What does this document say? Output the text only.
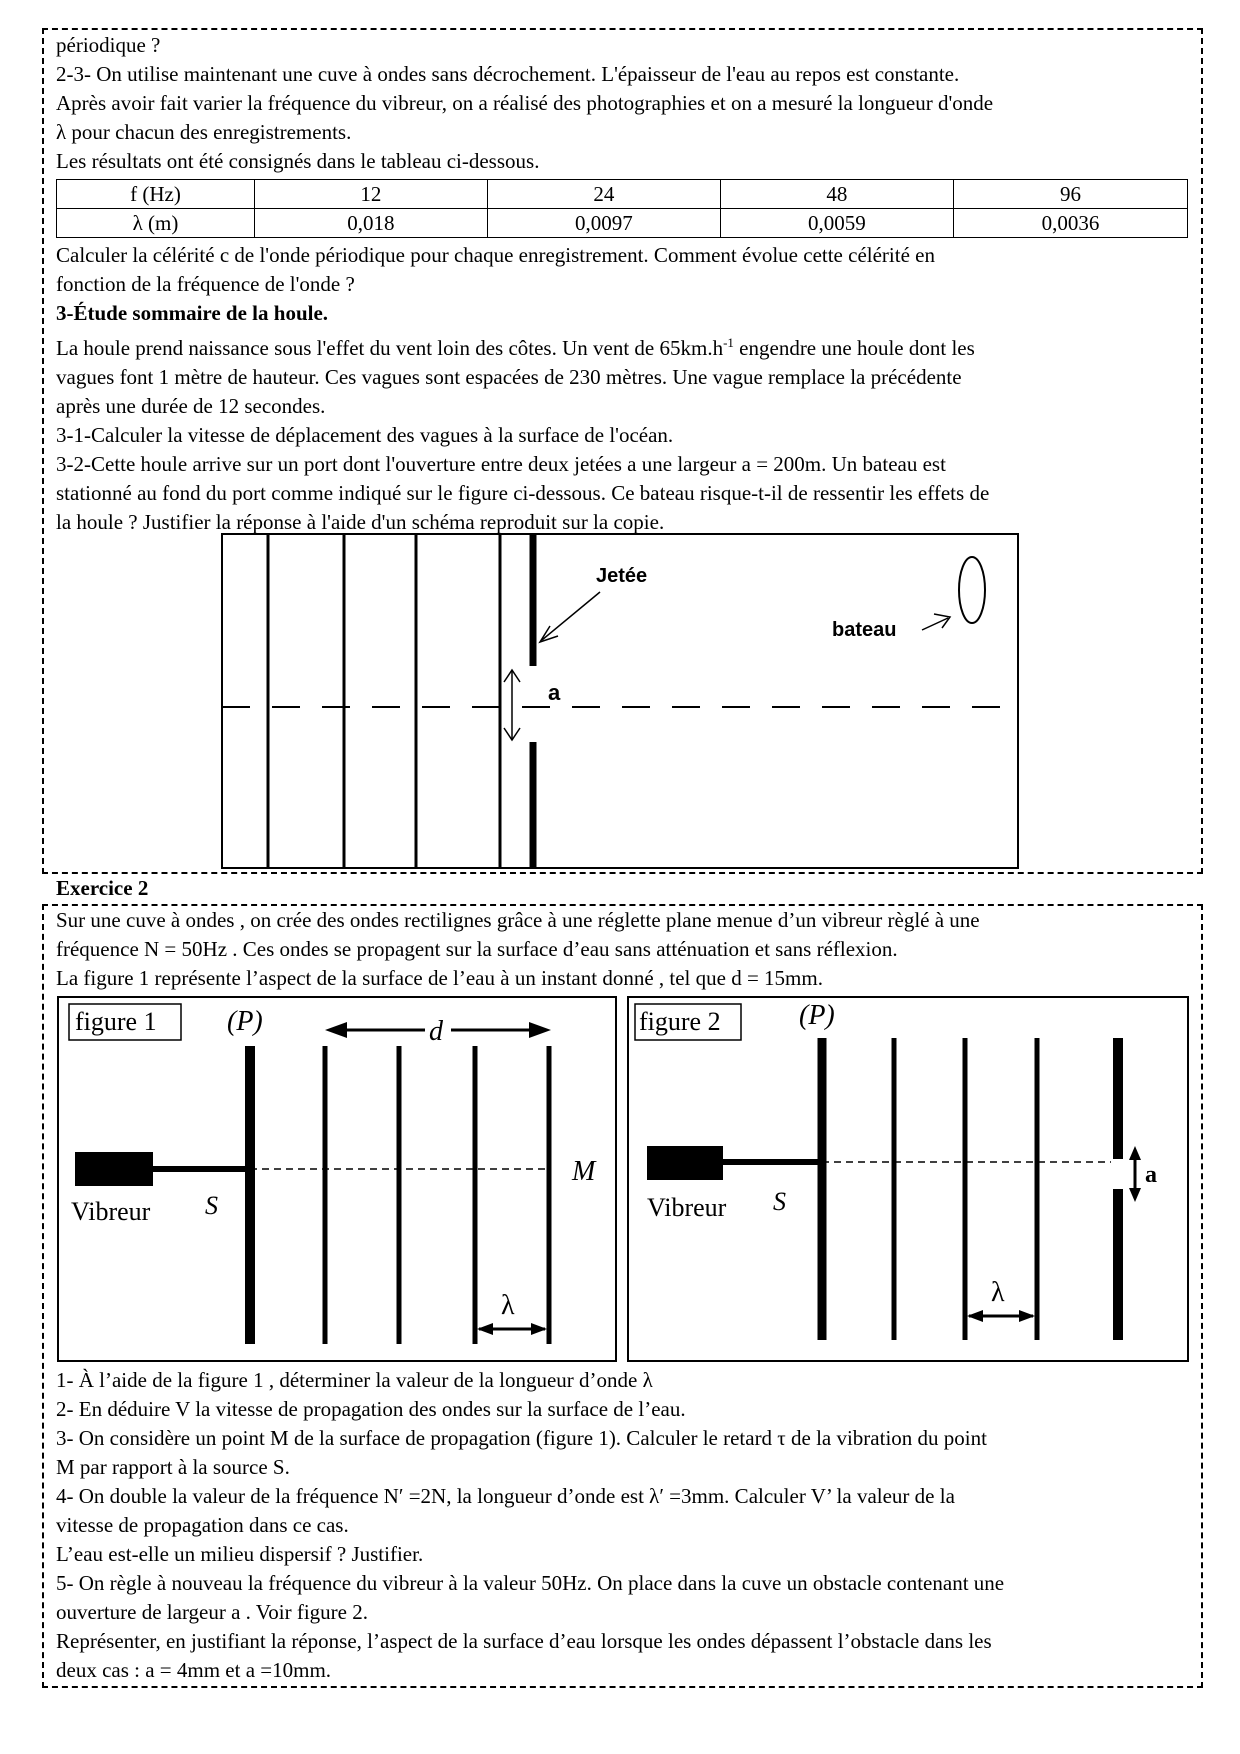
périodique ?
2-3- On utilise maintenant une cuve à ondes sans décrochement. L'épaisseur de l'eau au repos est constante.
Après avoir fait varier la fréquence du vibreur, on a réalisé des photographies et on a mesuré la longueur d'onde
λ pour chacun des enregistrements.
Les résultats ont été consignés dans le tableau ci-dessous.
f (Hz)	12	24	48	96
λ (m)	0,018	0,0097	0,0059	0,0036
Calculer la célérité c de l'onde périodique pour chaque enregistrement. Comment évolue cette célérité en
fonction de la fréquence de l'onde ?
3-Étude sommaire de la houle.
La houle prend naissance sous l'effet du vent loin des côtes. Un vent de $65km.h^{-1}$ engendre une houle dont les
vagues font 1 mètre de hauteur. Ces vagues sont espacées de 230 mètres. Une vague remplace la précédente
après une durée de 12 secondes.
3-1-Calculer la vitesse de déplacement des vagues à la surface de l'océan.
3-2-Cette houle arrive sur un port dont l'ouverture entre deux jetées a une largeur a = 200m. Un bateau est
stationné au fond du port comme indiqué sur le figure ci-dessous. Ce bateau risque-t-il de ressentir les effets de
la houle ? Justifier la réponse à l'aide d'un schéma reproduit sur la copie.
a
Jetée
bateau
Exercice 2
Sur une cuve à ondes , on crée des ondes rectilignes grâce à une réglette plane menue d’un vibreur règlé à une
fréquence N = 50Hz . Ces ondes se propagent sur la surface d’eau sans atténuation et sans réflexion.
La figure 1 représente l’aspect de la surface de l’eau à un instant donné , tel que d = 15mm.
figure 1	(P)	d
Vibreur S
M
λ
figure 2	(P)
a
Vibreur S
λ
1- À l’aide de la figure 1 , déterminer la valeur de la longueur d’onde λ
2- En déduire V la vitesse de propagation des ondes sur la surface de l’eau.
3- On considère un point M de la surface de propagation (figure 1). Calculer le retard τ de la vibration du point
M par rapport à la source S.
4- On double la valeur de la fréquence N′ =2N, la longueur d’onde est λ′ =3mm. Calculer V’ la valeur de la
vitesse de propagation dans ce cas.
L’eau est-elle un milieu dispersif ? Justifier.
5- On règle à nouveau la fréquence du vibreur à la valeur 50Hz. On place dans la cuve un obstacle contenant une
ouverture de largeur a . Voir figure 2.
Représenter, en justifiant la réponse, l’aspect de la surface d’eau lorsque les ondes dépassent l’obstacle dans les
deux cas : a = 4mm et a =10mm.
